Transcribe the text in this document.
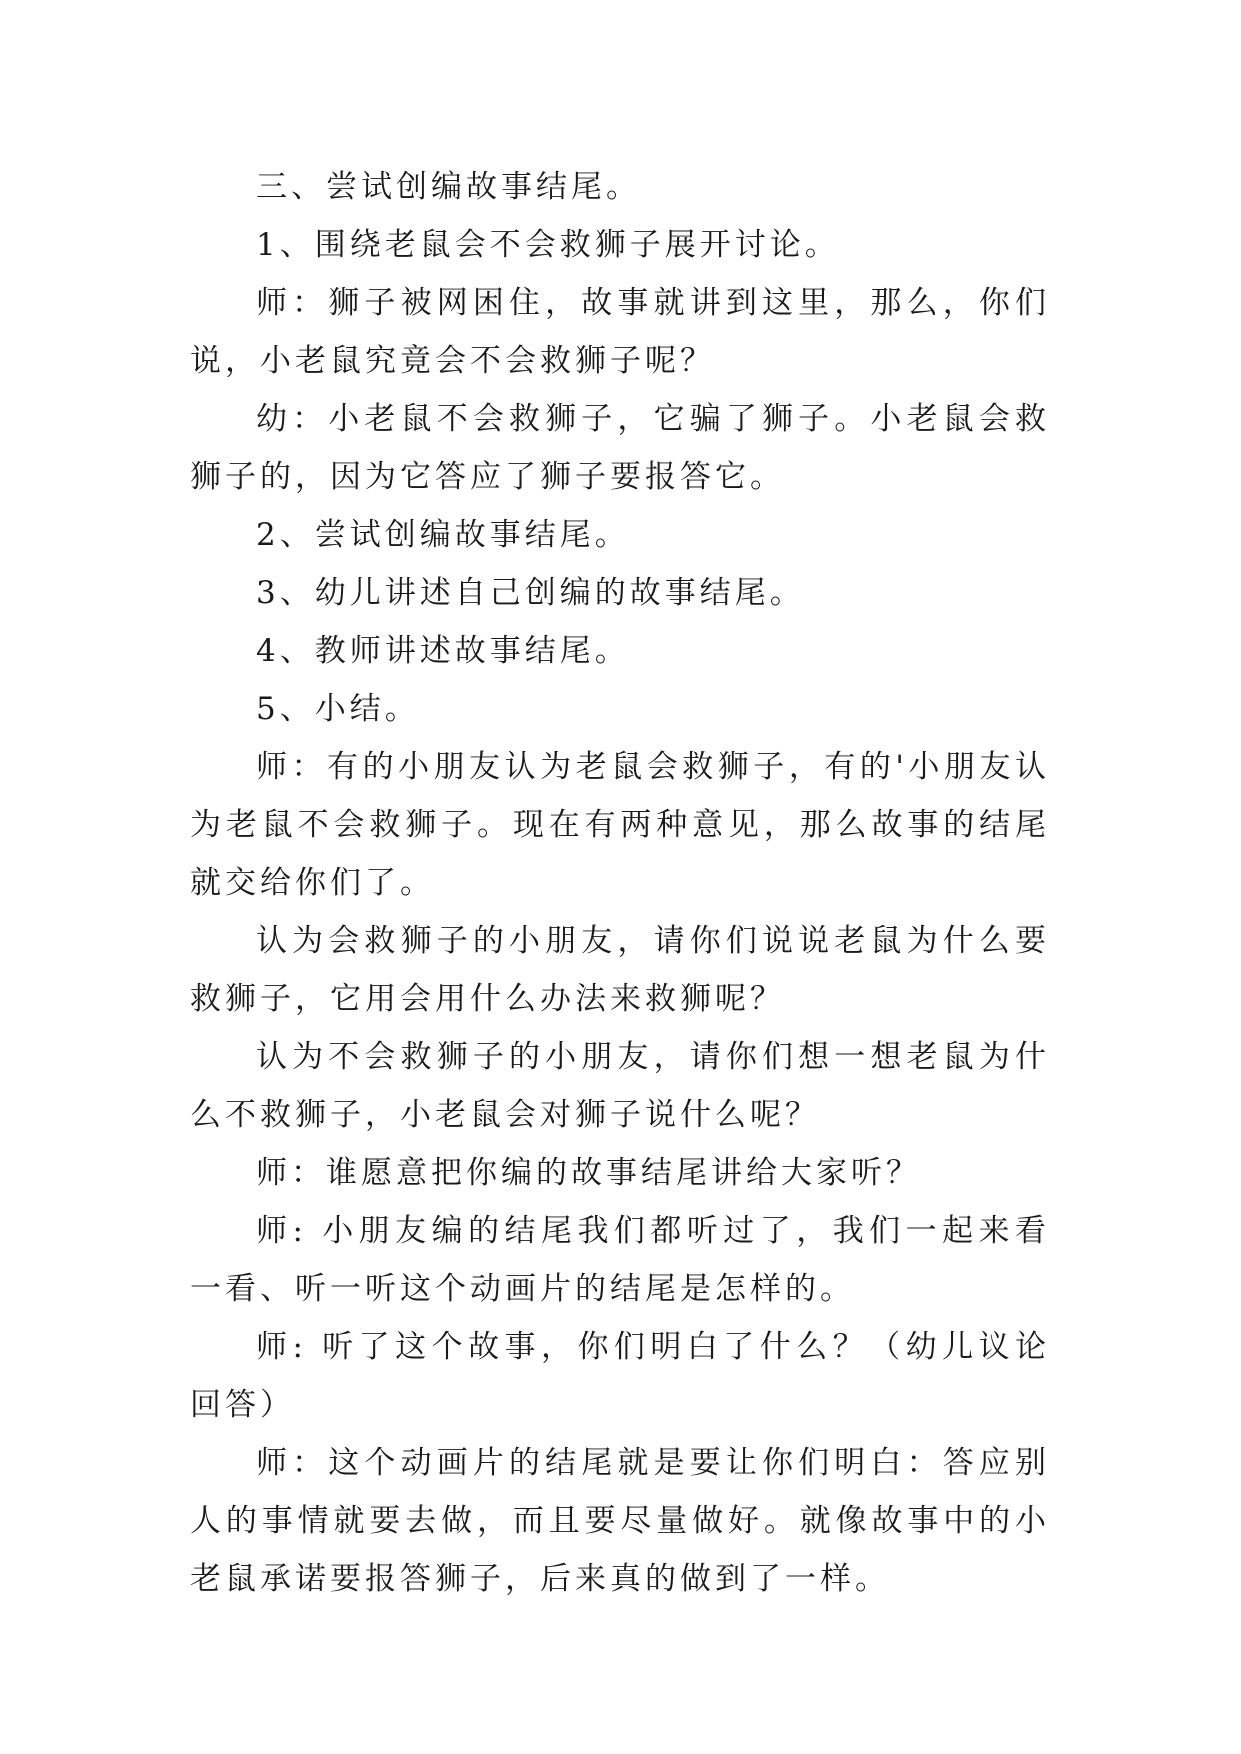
三、尝试创编故事结尾。

1、围绕老鼠会不会救狮子展开讨论。

师：狮子被网困住，故事就讲到这里，那么，你们说，小老鼠究竟会不会救狮子呢？

幼：小老鼠不会救狮子，它骗了狮子。小老鼠会救狮子的，因为它答应了狮子要报答它。

2、尝试创编故事结尾。

3、幼儿讲述自己创编的故事结尾。

4、教师讲述故事结尾。

5、小结。

师：有的小朋友认为老鼠会救狮子，有的'小朋友认为老鼠不会救狮子。现在有两种意见，那么故事的结尾就交给你们了。

认为会救狮子的小朋友，请你们说说老鼠为什么要救狮子，它用会用什么办法来救狮呢？

认为不会救狮子的小朋友，请你们想一想老鼠为什么不救狮子，小老鼠会对狮子说什么呢？

师：谁愿意把你编的故事结尾讲给大家听？

师: 小朋友编的结尾我们都听过了，我们一起来看一看、听一听这个动画片的结尾是怎样的。

师: 听了这个故事，你们明白了什么？（幼儿议论回答）

师：这个动画片的结尾就是要让你们明白：答应别人的事情就要去做，而且要尽量做好。就像故事中的小老鼠承诺要报答狮子，后来真的做到了一样。
